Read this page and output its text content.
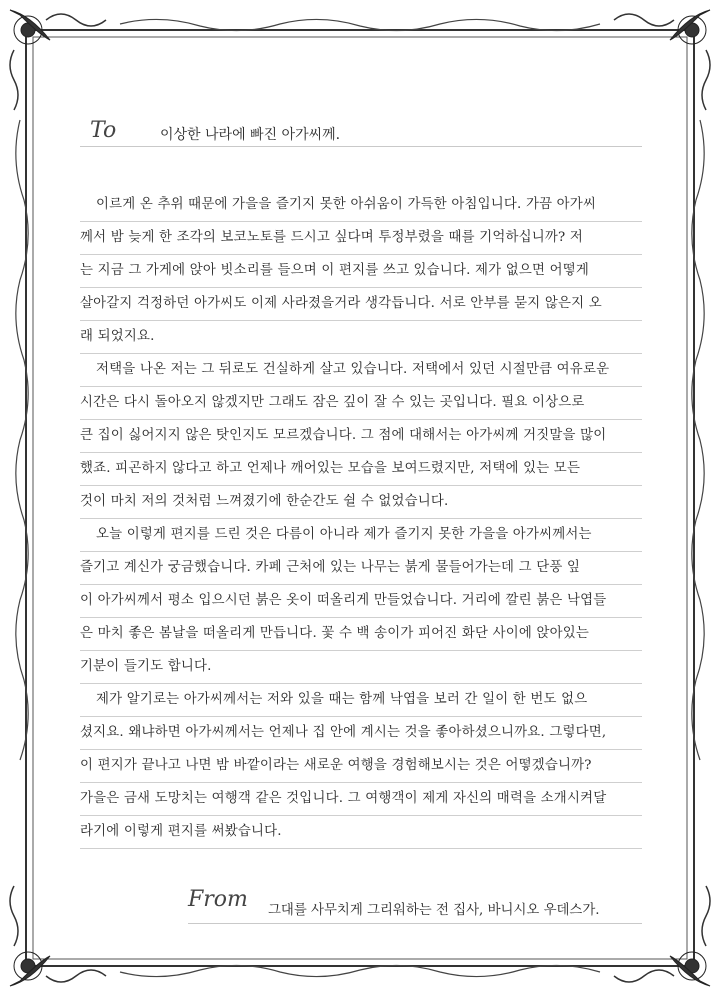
To	이상한 나라에 빠진 아가씨께.
이르게 온 추위 때문에 가을을 즐기지 못한 아쉬움이 가득한 아침입니다. 가끔 아가씨
께서 밤 늦게 한 조각의 보코노토를 드시고 싶다며 투정부렸을 때를 기억하십니까? 저
는 지금 그 가게에 앉아 빗소리를 들으며 이 편지를 쓰고 있습니다. 제가 없으면 어떻게
살아갈지 걱정하던 아가씨도 이제 사라졌을거라 생각듭니다. 서로 안부를 묻지 않은지 오
래 되었지요.
저택을 나온 저는 그 뒤로도 건실하게 살고 있습니다. 저택에서 있던 시절만큼 여유로운
시간은 다시 돌아오지 않겠지만 그래도 잠은 깊이 잘 수 있는 곳입니다. 필요 이상으로
큰 집이 싫어지지 않은 탓인지도 모르겠습니다. 그 점에 대해서는 아가씨께 거짓말을 많이
했죠. 피곤하지 않다고 하고 언제나 깨어있는 모습을 보여드렸지만, 저택에 있는 모든
것이 마치 저의 것처럼 느껴졌기에 한순간도 쉴 수 없었습니다.
오늘 이렇게 편지를 드린 것은 다름이 아니라 제가 즐기지 못한 가을을 아가씨께서는
즐기고 계신가 궁금했습니다. 카페 근처에 있는 나무는 붉게 물들어가는데 그 단풍 잎
이 아가씨께서 평소 입으시던 붉은 옷이 떠올리게 만들었습니다. 거리에 깔린 붉은 낙엽들
은 마치 좋은 봄날을 떠올리게 만듭니다. 꽃 수 백 송이가 피어진 화단 사이에 앉아있는
기분이 들기도 합니다.
제가 알기로는 아가씨께서는 저와 있을 때는 함께 낙엽을 보러 간 일이 한 번도 없으
셨지요. 왜냐하면 아가씨께서는 언제나 집 안에 계시는 것을 좋아하셨으니까요. 그렇다면,
이 편지가 끝나고 나면 밤 바깥이라는 새로운 여행을 경험해보시는 것은 어떻겠습니까?
가을은 금새 도망치는 여행객 같은 것입니다. 그 여행객이 제게 자신의 매력을 소개시켜달
라기에 이렇게 편지를 써봤습니다.
From 그대를 사무치게 그리워하는 전 집사, 바니시오 우데스가.
